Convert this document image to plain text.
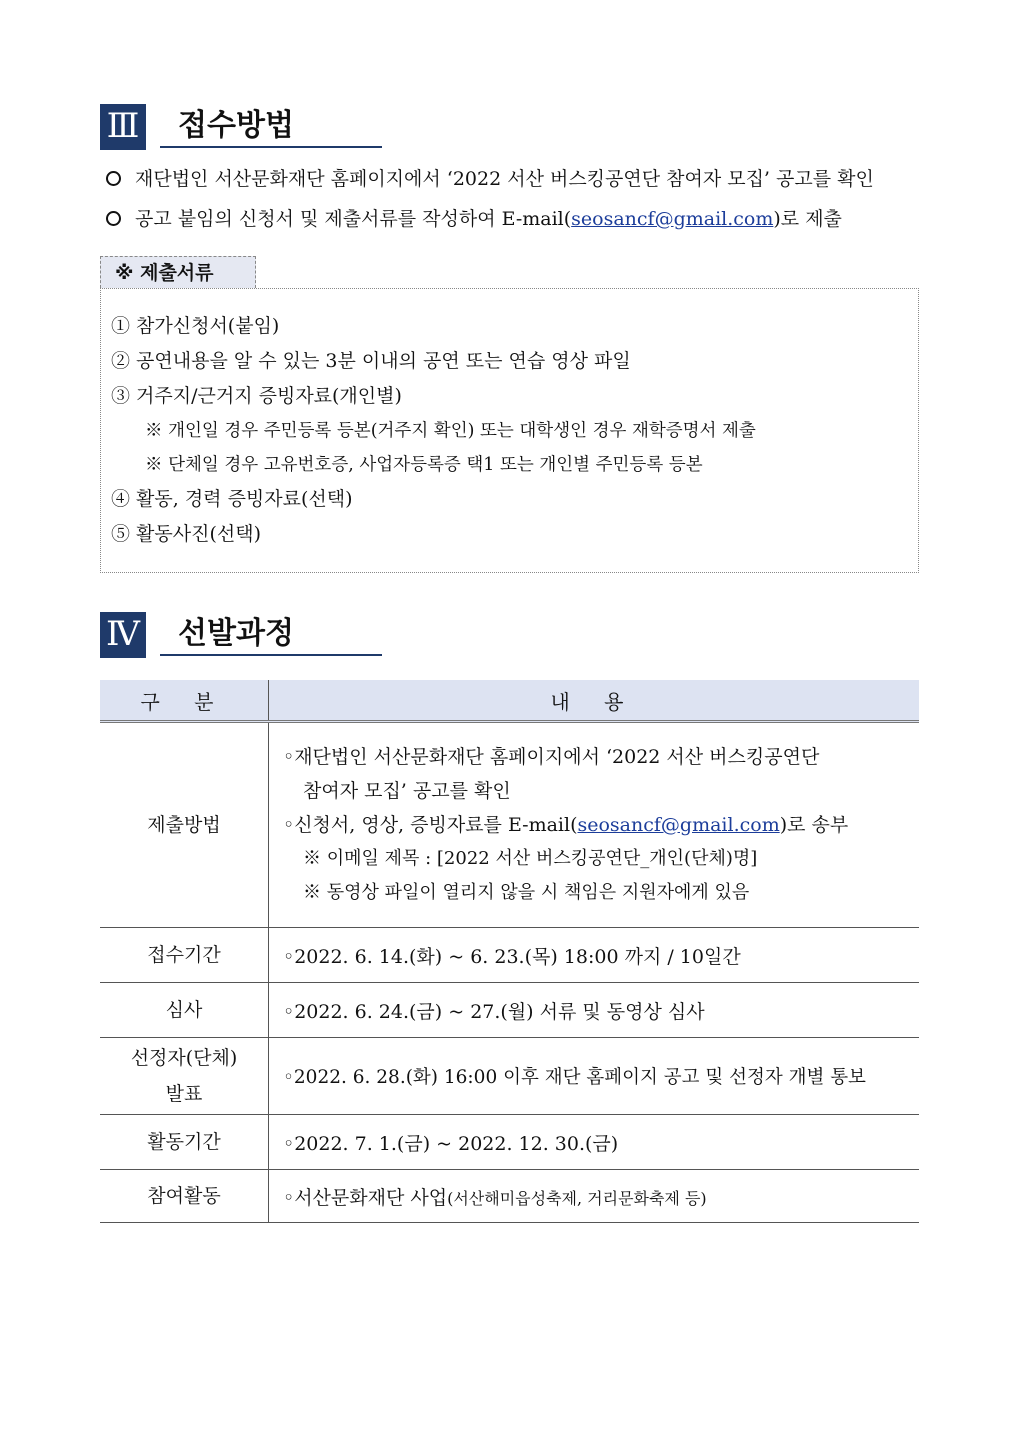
Ⅲ	접수방법
재단법인 서산문화재단 홈페이지에서 ‘2022 서산 버스킹공연단 참여자 모집’ 공고를 확인
공고 붙임의 신청서 및 제출서류를 작성하여 E-mail(seosancf@gmail.com)로 제출
※ 제출서류
① 참가신청서(붙임)
② 공연내용을 알 수 있는 3분 이내의 공연 또는 연습 영상 파일
③ 거주지/근거지 증빙자료(개인별)
※ 개인일 경우 주민등록 등본(거주지 확인) 또는 대학생인 경우 재학증명서 제출
※ 단체일 경우 고유번호증, 사업자등록증 택1 또는 개인별 주민등록 등본
④ 활동, 경력 증빙자료(선택)
⑤ 활동사진(선택)
Ⅳ	선발과정
구 분	내 용
제출방법	◦재단법인 서산문화재단 홈페이지에서 ‘2022 서산 버스킹공연단
참여자 모집’ 공고를 확인
◦신청서, 영상, 증빙자료를 E-mail(seosancf@gmail.com)로 송부
※ 이메일 제목 : [2022 서산 버스킹공연단_개인(단체)명]
※ 동영상 파일이 열리지 않을 시 책임은 지원자에게 있음

접수기간	◦2022. 6. 14.(화) ~ 6. 23.(목) 18:00 까지 / 10일간
심사	◦2022. 6. 24.(금) ~ 27.(월) 서류 및 동영상 심사

선정자(단체)
발표	◦2022. 6. 28.(화) 16:00 이후 재단 홈페이지 공고 및 선정자 개별 통보
활동기간	◦2022. 7. 1.(금) ~ 2022. 12. 30.(금)
참여활동	◦서산문화재단 사업(서산해미읍성축제, 거리문화축제 등)
